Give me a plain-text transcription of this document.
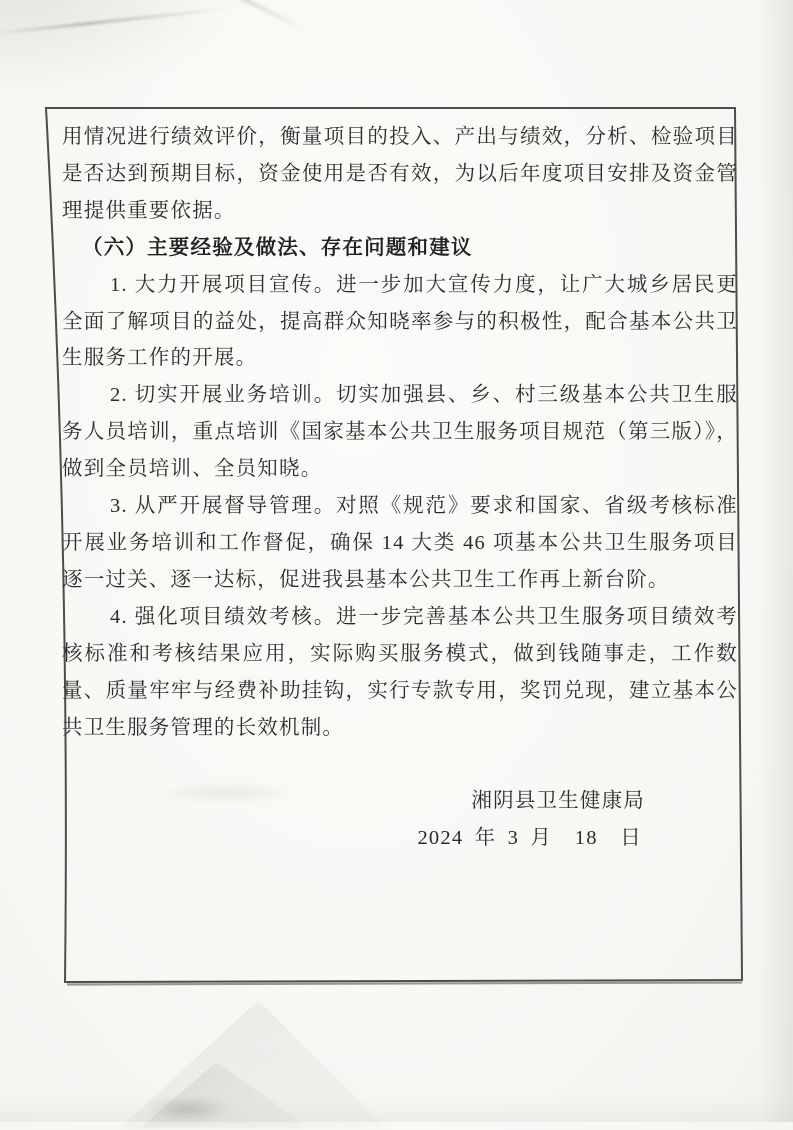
用情况进行绩效评价，衡量项目的投入、产出与绩效，分析、检验项目是否达到预期目标，资金使用是否有效，为以后年度项目安排及资金管理提供重要依据。

（六）主要经验及做法、存在问题和建议

1. 大力开展项目宣传。进一步加大宣传力度，让广大城乡居民更全面了解项目的益处，提高群众知晓率参与的积极性，配合基本公共卫生服务工作的开展。

2. 切实开展业务培训。切实加强县、乡、村三级基本公共卫生服务人员培训，重点培训《国家基本公共卫生服务项目规范（第三版）》，做到全员培训、全员知晓。

3. 从严开展督导管理。对照《规范》要求和国家、省级考核标准开展业务培训和工作督促，确保 14 大类 46 项基本公共卫生服务项目逐一过关、逐一达标，促进我县基本公共卫生工作再上新台阶。

4. 强化项目绩效考核。进一步完善基本公共卫生服务项目绩效考核标准和考核结果应用，实际购买服务模式，做到钱随事走，工作数量、质量牢牢与经费补助挂钩，实行专款专用，奖罚兑现，建立基本公共卫生服务管理的长效机制。

湘阴县卫生健康局

2024 年 3 月  18  日
